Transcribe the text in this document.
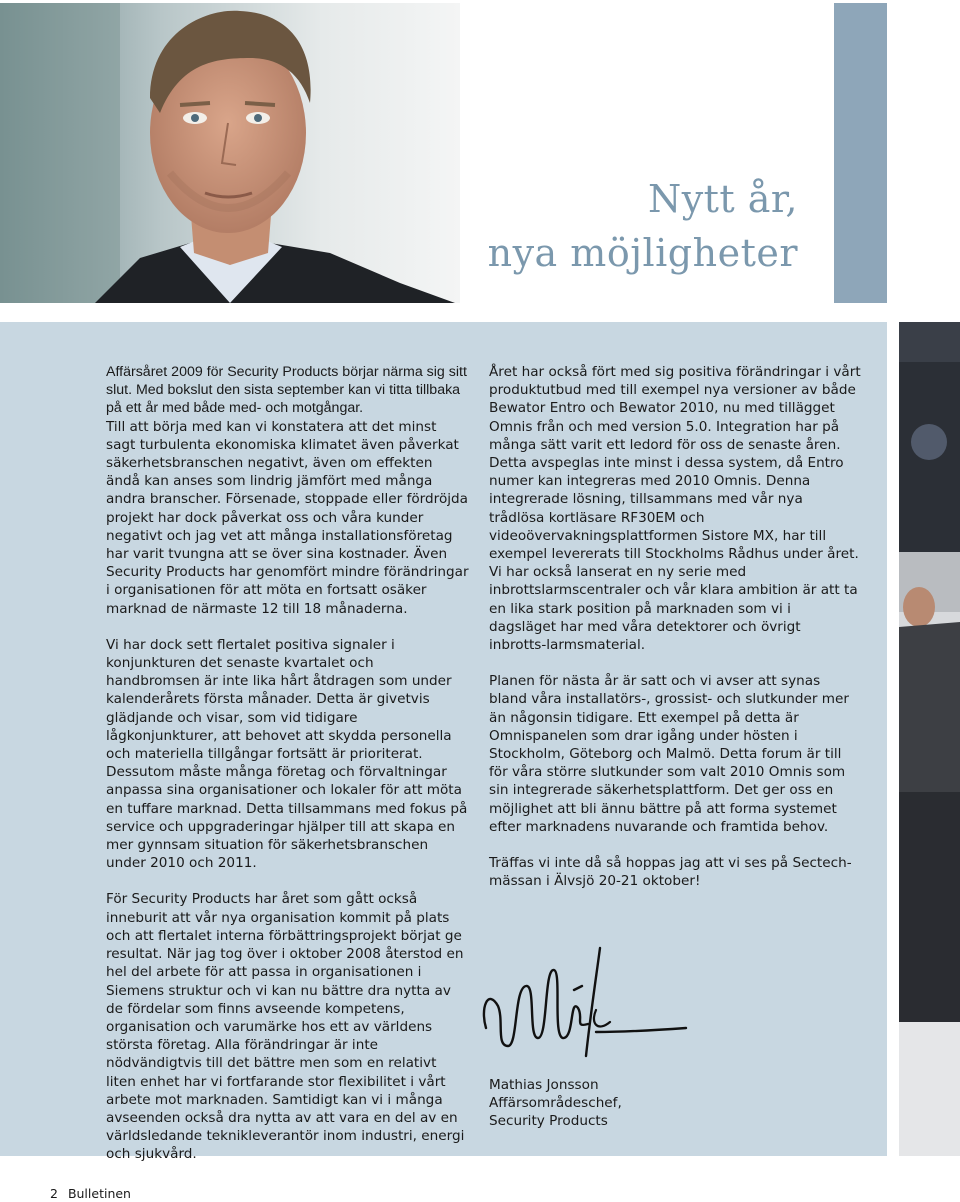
Nytt år,
nya möjligheter

Affärsåret 2009 för Security Products börjar närma sig sitt slut. Med bokslut den sista september kan vi titta tillbaka på ett år med både med- och motgångar.

Till att börja med kan vi konstatera att det minst sagt turbulenta ekonomiska klimatet även påverkat säkerhetsbranschen negativt, även om effekten ändå kan anses som lindrig jämfört med många andra branscher. Försenade, stoppade eller fördröjda projekt har dock påverkat oss och våra kunder negativt och jag vet att många installationsföretag har varit tvungna att se över sina kostnader. Även Security Products har genomfört mindre förändringar i organisationen för att möta en fortsatt osäker marknad de närmaste 12 till 18 månaderna.

Vi har dock sett flertalet positiva signaler i konjunkturen det senaste kvartalet och handbromsen är inte lika hårt åtdragen som under kalenderårets första månader. Detta är givetvis glädjande och visar, som vid tidigare lågkonjunkturer, att behovet att skydda personella och materiella tillgångar fortsätt är prioriterat. Dessutom måste många företag och förvaltningar anpassa sina organisationer och lokaler för att möta en tuffare marknad. Detta tillsammans med fokus på service och uppgraderingar hjälper till att skapa en mer gynnsam situation för säkerhetsbranschen under 2010 och 2011.

För Security Products har året som gått också inneburit att vår nya organisation kommit på plats och att flertalet interna förbättringsprojekt börjat ge resultat. När jag tog över i oktober 2008 återstod en hel del arbete för att passa in organisationen i Siemens struktur och vi kan nu bättre dra nytta av de fördelar som finns avseende kompetens, organisation och varumärke hos ett av världens största företag. Alla förändringar är inte nödvändigtvis till det bättre men som en relativt liten enhet har vi fortfarande stor flexibilitet i vårt arbete mot marknaden. Samtidigt kan vi i många avseenden också dra nytta av att vara en del av en världsledande teknikleverantör inom industri, energi och sjukvård.

Året har också fört med sig positiva förändringar i vårt produktutbud med till exempel nya versioner av både Bewator Entro och Bewator 2010, nu med tillägget Omnis från och med version 5.0. Integration har på många sätt varit ett ledord för oss de senaste åren. Detta avspeglas inte minst i dessa system, då Entro numer kan integreras med 2010 Omnis. Denna integrerade lösning, tillsammans med vår nya trådlösa kortläsare RF30EM och videoövervakningsplattformen Sistore MX, har till exempel levererats till Stockholms Rådhus under året. Vi har också lanserat en ny serie med inbrottslarmscentraler och vår klara ambition är att ta en lika stark position på marknaden som vi i dagsläget har med våra detektorer och övrigt inbrotts-larmsmaterial.

Planen för nästa år är satt och vi avser att synas bland våra installatörs-, grossist- och slutkunder mer än någonsin tidigare. Ett exempel på detta är Omnispanelen som drar igång under hösten i Stockholm, Göteborg och Malmö. Detta forum är till för våra större slutkunder som valt 2010 Omnis som sin integrerade säkerhetsplattform. Det ger oss en möjlighet att bli ännu bättre på att forma systemet efter marknadens nuvarande och framtida behov.

Träffas vi inte då så hoppas jag att vi ses på Sectech-mässan i Älvsjö 20-21 oktober!

Mathias Jonsson
Affärsområdeschef,
Security Products
2 Bulletinen
